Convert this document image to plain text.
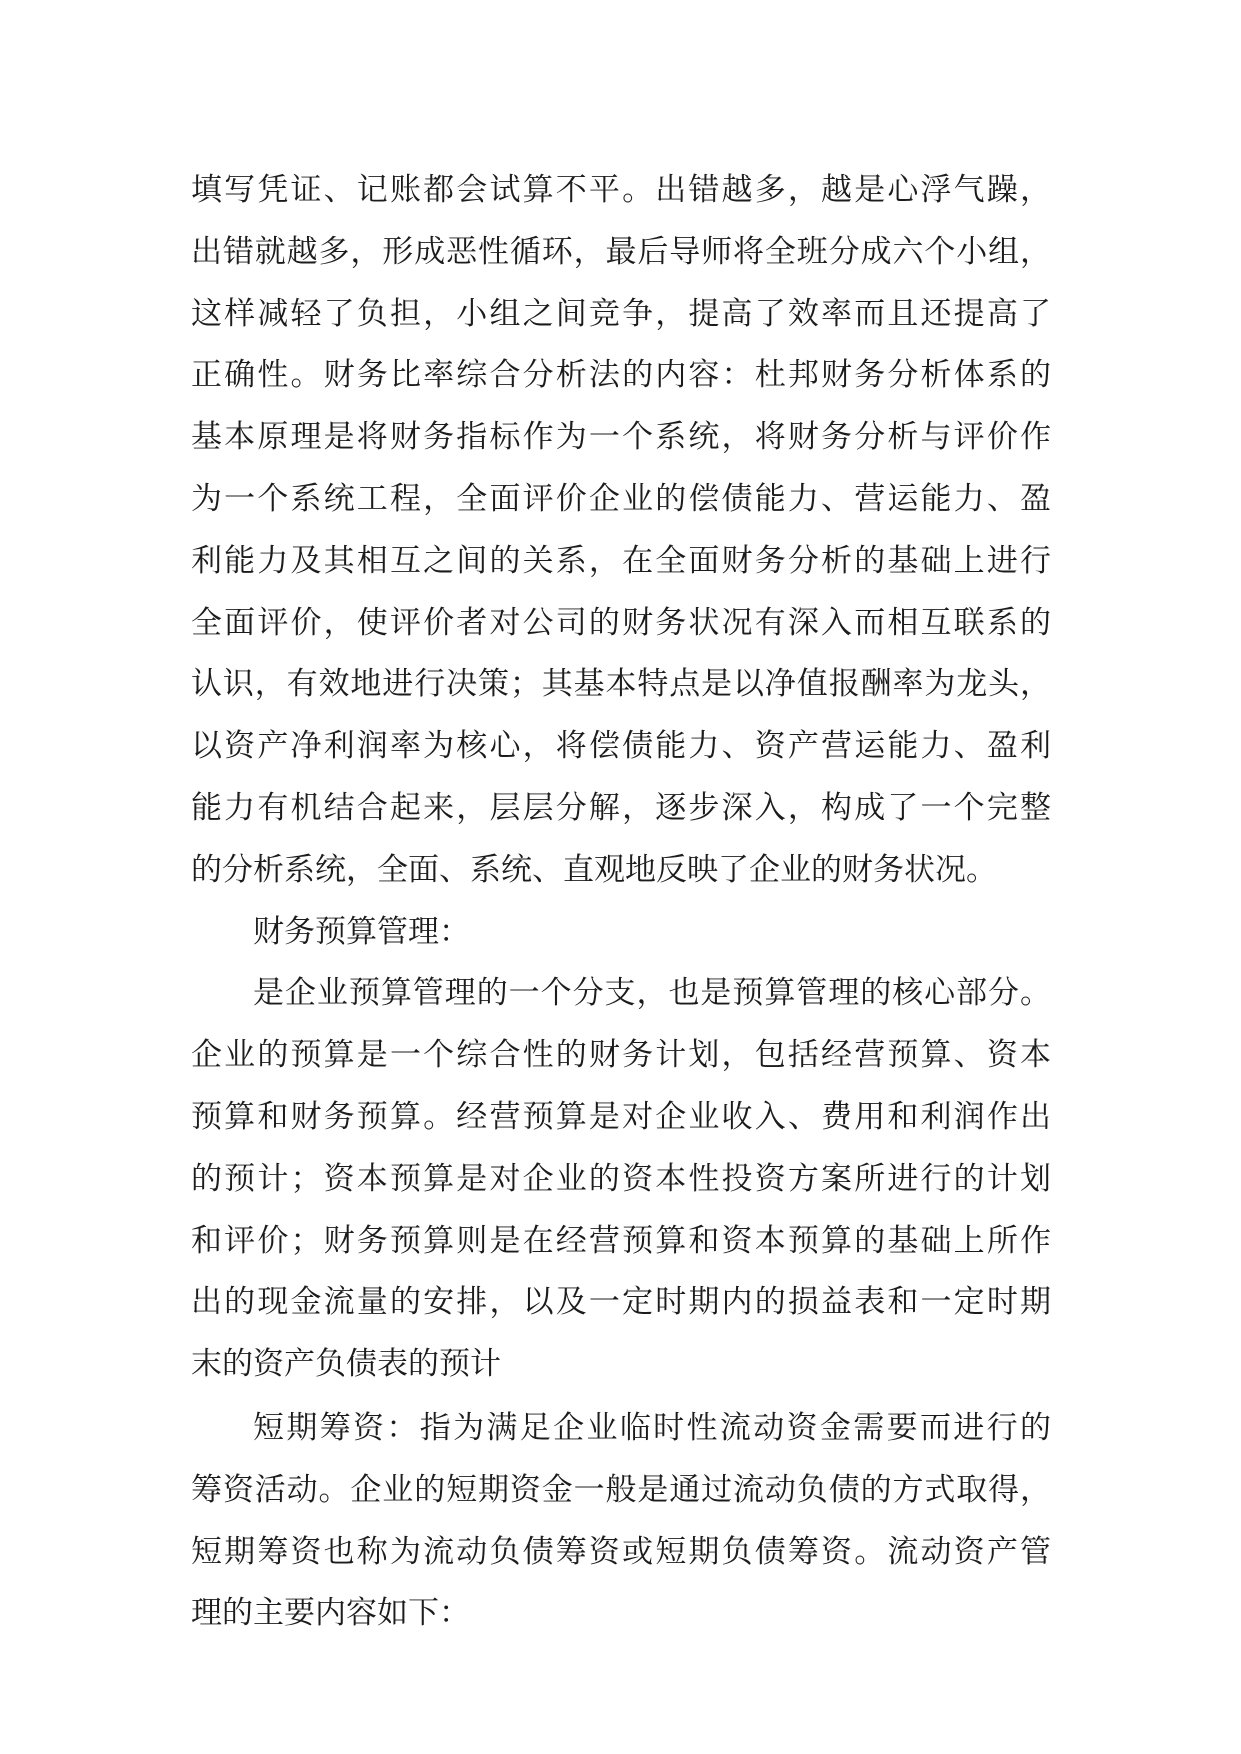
填写凭证、记账都会试算不平。出错越多，越是心浮气躁，
出错就越多，形成恶性循环，最后导师将全班分成六个小组，
这样减轻了负担，小组之间竞争，提高了效率而且还提高了
正确性。财务比率综合分析法的内容：杜邦财务分析体系的
基本原理是将财务指标作为一个系统，将财务分析与评价作
为一个系统工程，全面评价企业的偿债能力、营运能力、盈
利能力及其相互之间的关系，在全面财务分析的基础上进行
全面评价，使评价者对公司的财务状况有深入而相互联系的
认识，有效地进行决策；其基本特点是以净值报酬率为龙头，
以资产净利润率为核心，将偿债能力、资产营运能力、盈利
能力有机结合起来，层层分解，逐步深入，构成了一个完整
的分析系统，全面、系统、直观地反映了企业的财务状况。
财务预算管理：
是企业预算管理的一个分支，也是预算管理的核心部分。
企业的预算是一个综合性的财务计划，包括经营预算、资本
预算和财务预算。经营预算是对企业收入、费用和利润作出
的预计；资本预算是对企业的资本性投资方案所进行的计划
和评价；财务预算则是在经营预算和资本预算的基础上所作
出的现金流量的安排，以及一定时期内的损益表和一定时期
末的资产负债表的预计
短期筹资：指为满足企业临时性流动资金需要而进行的
筹资活动。企业的短期资金一般是通过流动负债的方式取得，
短期筹资也称为流动负债筹资或短期负债筹资。流动资产管
理的主要内容如下：
